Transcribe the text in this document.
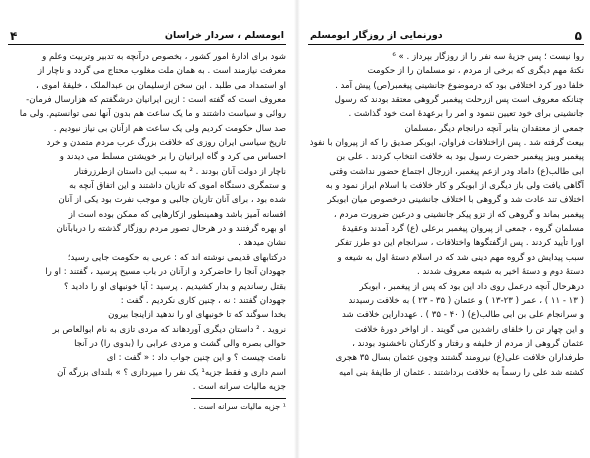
ابومسلم ، سردار خراسان
۴
شود برای ادارهٔ امور کشور ، بخصوص درآنچه به تدبیر وتربیت وعلم و
معرفت نیازمند است . به همان ملت مغلوب محتاج می گردد و ناچار از
او استمداد می طلبد . این سخن ازسلیمان بن عبدالملک ، خلیفهٔ اموی ،
معروف است که گفته است : ازین ایرانیان درشگفتم که هزارسال فرمان-
روائی و سیاست داشتند و ما یک ساعت هم بدون آنها نمی توانستیم. ولی ما
صد سال حکومت کردیم ولی یک ساعت هم ازآنان بی نیاز نبودیم .
تاریخ سیاسی ایران روزی که خلافت بزرگ عرب مردم متمدن و خرد
احساس می کرد و گاه ایرانیان را بر خویشتن مسلط می دیدند و
ناچار از دولت آنان بودند . ² به سبب این داستان ازطرزرفتار
و ستمگری دستگاه اموی که تازیان داشتند و این اتفاق آنچه به
شده بود ، برای آنان تازیان جالبی و موجب نفرت بود یکی از آنان
افسانه آمیز باشد وهمینطور ازکارهایی که ممکن بوده است از
او بهره گرفتند و در هرحال تصور مردم روزگار گذشته را دربابآنان
نشان میدهد .
درکتابهای قدیمی نوشته اند که : عربی به حکومت جایی رسید؛
جهودان آنجا را حاضرکرد و ازآنان در باب مسیح پرسید ، گفتند : او را
بقتل رساندیم و بدار کشیدیم . پرسید : آیا خونبهای او را دادید ؟
جهودان گفتند : نه ، چنین کاری نکردیم . گفت :
بخدا سوگند که تا خونبهای او را ندهید ازاینجا بیرون
نروید . ² داستان دیگری آوردهاند که مردی تازی به نام ابوالعاص بر
حوالی بصره والی گشت و مردی عرابی را (بدوی را) در آنجا
نامت چیست ؟ و این چنین جواب داد : « گفت : ای
اسم داری و فقط جزیه¹ یک نفر را میپردازی ؟ » بلندای بزرگه آن
جزیه مالیات سرانه است .
¹ جزیه مالیات سرانه است .
۵
دورنمایی از روزگار ابومسلم
روا نیست ؛ پس جزیهٔ سه نفر را از روزگار بپرداز . » ⁶
نکتهٔ مهم دیگری که برخی از مردم ، نو مسلمان را از حکومت
خلفا دور کرد اختلافی بود که درموضوع جانشینی پیغمبر(ص) پیش آمد .
چنانکه معروف است پس ازرحلت پیغمبر گروهی معتقد بودند که رسول
جانشینی برای خود تعیین ننمود و امر را برعهدهٔ امت خود گذاشت .
جمعی از معتقدان بنابر آنچه درانجام دیگر ،مسلمان
بیعت گرفته شد . پس ازاختلافات فراوان، ابوبکر صدیق را که از پیروان با نفوذ
پیغمبر وبیز پیغمبر حضرت رسول بود به خلافت انتخاب کردند . علی بن
ابی طالب(ع) داماد ودر ازعم پیغمبر، ازرجال اجتماع حضور نداشت وقتی
آگاهی یافت ولی باز دیگری از ابوبکر و کار خلافت با اسلام ابراز نمود و به
اختلاف تند عادت شد و گروهی با اختلاف جانشینی درخصوص میان ابوبکر
پیغمبر بماند و گروهی که از تزو پیکر جانشینی و درعین ضرورت مردم ،
مسلمان گروه ، جمعی از پیروان پیغمبر برعلی (ع) گرد آمدند وعقیدهٔ
اورا تأیید کردند . پس ازگفتگوها واختلافات ، سرانجام این دو طرز تفکر
سبب پیدایش دو گروه مهم دینی شد که در اسلام دستهٔ اول به شیعه و
دستهٔ دوم و دستهٔ اخیر به شیعه معروف شدند .
درهرحال آنچه درعمل روی داد این بود که پس از پیغمبر ، ابوبکر
( ۱۳ - ۱۱ ) ، عمر ( ۲۳-۱۳ ) و عثمان ( ۳۵ - ۲۳ ) به خلافت رسیدند
و سرانجام علی بن ابی طالب(ع) ( ۴۰ - ۳۵ ) . عهدداراین خلافت شد
و این چهار تن را خلفای راشدین می گویند . از اواخر دورهٔ خلافت
عثمان گروهی از مردم از خلیفه و رفتار و کارکنان ناخشنود بودند ،
طرفداران خلافت علی(ع) نیرومند گشتند وچون عثمان بسال ۳۵ هجری
کشته شد علی را رسماً به خلافت برداشتند . عثمان از طایفهٔ بنی امیه
